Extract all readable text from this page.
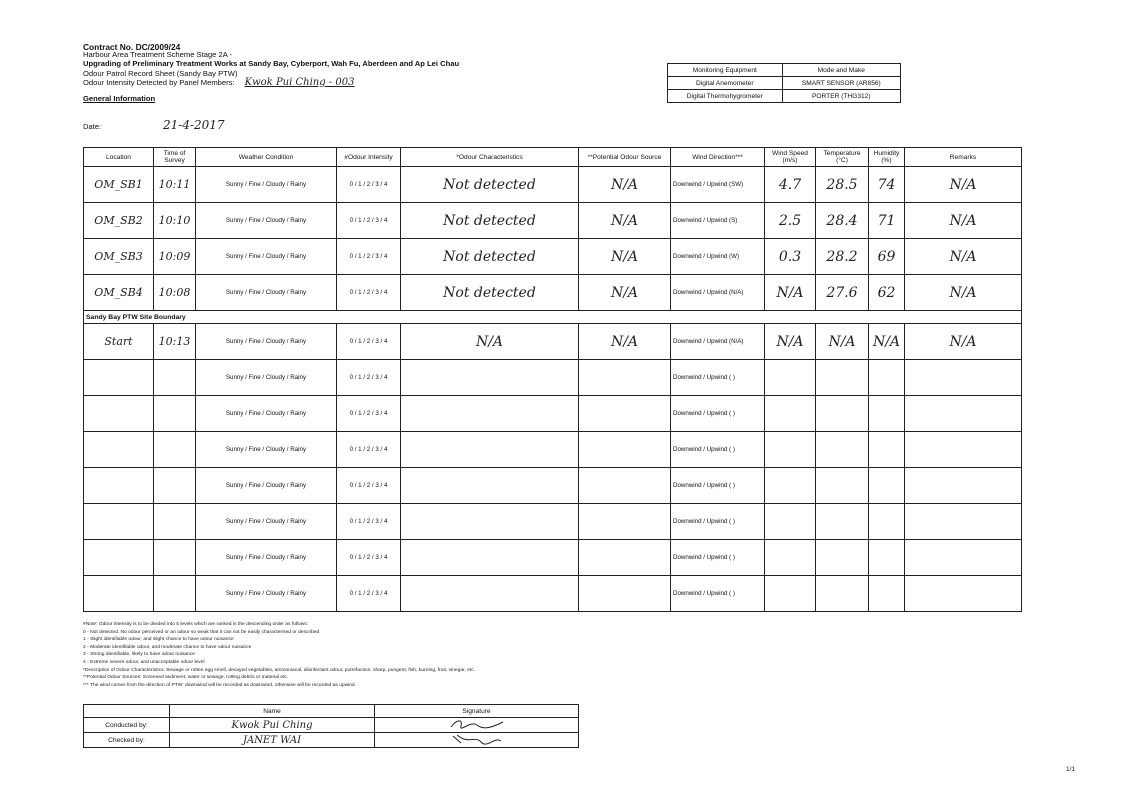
Contract No. DC/2009/24
Harbour Area Treatment Scheme Stage 2A -
Upgrading of Preliminary Treatment Works at Sandy Bay, Cyberport, Wah Fu, Aberdeen and Ap Lei Chau
Odour Patrol Record Sheet (Sandy Bay PTW)
Odour Intensity Detected by Panel Members: Kwok Pui Ching - 003
General Information
Date:	21-4-2017
Monitoring Equipment	Mode and Make
Digital Anemometer	SMART SENSOR (AR856)
Digital Thermohygrometer	PORTER (THG312)
Location	Time of Survey	Weather Condition	#Odour Intensity	*Odour Characteristics	**Potential Odour Source	Wind Direction***	Wind Speed (m/s)	Temperature (°C)	Humidity (%)	Remarks
OM_SB1	10:11	Sunny / Fine / Cloudy / Rainy	0 / 1 / 2 / 3 / 4	Not detected	N/A	Downwind / Upwind (SW)	4.7	28.5	74	N/A
OM_SB2	10:10	Sunny / Fine / Cloudy / Rainy	0 / 1 / 2 / 3 / 4	Not detected	N/A	Downwind / Upwind (S)	2.5	28.4	71	N/A
OM_SB3	10:09	Sunny / Fine / Cloudy / Rainy	0 / 1 / 2 / 3 / 4	Not detected	N/A	Downwind / Upwind (W)	0.3	28.2	69	N/A
OM_SB4	10:08	Sunny / Fine / Cloudy / Rainy	0 / 1 / 2 / 3 / 4	Not detected	N/A	Downwind / Upwind (N/A)	N/A	27.6	62	N/A
Sandy Bay PTW Site Boundary										
Start	10:13	Sunny / Fine / Cloudy / Rainy	0 / 1 / 2 / 3 / 4	N/A	N/A	Downwind / Upwind (N/A)	N/A	N/A	N/A	N/A
		Sunny / Fine / Cloudy / Rainy	0 / 1 / 2 / 3 / 4			Downwind / Upwind ( )				
		Sunny / Fine / Cloudy / Rainy	0 / 1 / 2 / 3 / 4			Downwind / Upwind ( )				
		Sunny / Fine / Cloudy / Rainy	0 / 1 / 2 / 3 / 4			Downwind / Upwind ( )				
		Sunny / Fine / Cloudy / Rainy	0 / 1 / 2 / 3 / 4			Downwind / Upwind ( )				
		Sunny / Fine / Cloudy / Rainy	0 / 1 / 2 / 3 / 4			Downwind / Upwind ( )				
		Sunny / Fine / Cloudy / Rainy	0 / 1 / 2 / 3 / 4			Downwind / Upwind ( )				
		Sunny / Fine / Cloudy / Rainy	0 / 1 / 2 / 3 / 4			Downwind / Upwind ( )				
#Note: Odour intensity is to be divided into 5 levels which are ranked in the descending order as follows:
0 - Not detected. No odour perceived or an odour so weak that it can not be easily characterised or described
1 - Slight identifiable odour, and slight chance to have odour nuisance
2 - Moderate identifiable odour, and moderate chance to have odour nuisance
3 - Strong identifiable, likely to have odour nuisance
4 - Extreme severe odour, and unacceptable odour level
*Description of Odour Characteristics: Sewage or rotten egg smell, decayed vegetables, ammoniacal, disinfectant odour, putrefaction, sharp, pungent, fish, burning, fruit, vinegar, etc.
**Potential Odour Sources: Screened sediment, water or sewage, rotting debris or material etc.
*** The wind comes from the direction of PTW: downwind will be recorded as downwind, otherwise will be recorded as upwind.
	Name	Signature
Conducted by:	Kwok Pui Ching	
Checked by:	JANET WAI	
1/1
